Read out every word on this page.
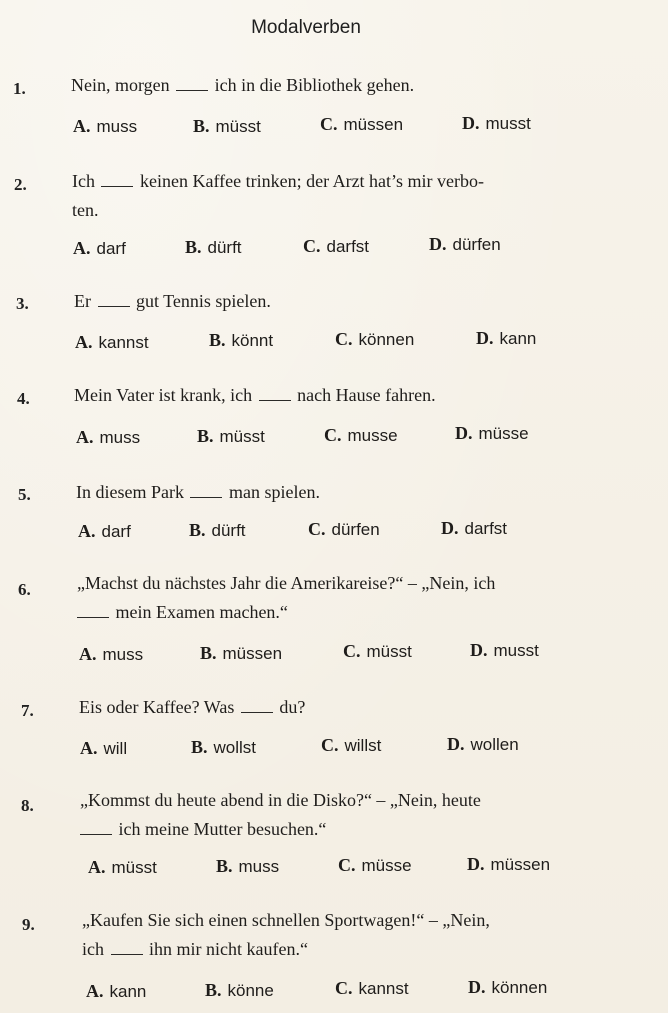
Modalverben
1.	Nein, morgen	ich in die Bibliothek gehen.
A. muss	B. müsst	C. müssen	D. musst
2.	Ich	keinen Kaffee trinken; der Arzt hat’s mir verbo-
ten.
A. darf	B. dürft	C. darfst	D. dürfen
3.	Er	gut Tennis spielen.
A. kannst	B. könnt	C. können	D. kann
4.	Mein Vater ist krank, ich	nach Hause fahren.
A. muss	B. müsst	C. musse	D. müsse
5.	In diesem Park	man spielen.
A. darf	B. dürft	C. dürfen	D. darfst
6.	„Machst du nächstes Jahr die Amerikareise?“ – „Nein, ich
mein Examen machen.“
A. muss	B. müssen	C. müsst	D. musst
7.	Eis oder Kaffee? Was	du?
A. will	B. wollst	C. willst	D. wollen
8.	„Kommst du heute abend in die Disko?“ – „Nein, heute
ich meine Mutter besuchen.“
A. müsst	B. muss	C. müsse	D. müssen
9.	„Kaufen Sie sich einen schnellen Sportwagen!“ – „Nein,
ich	ihn mir nicht kaufen.“
A. kann	B. könne	C. kannst	D. können
